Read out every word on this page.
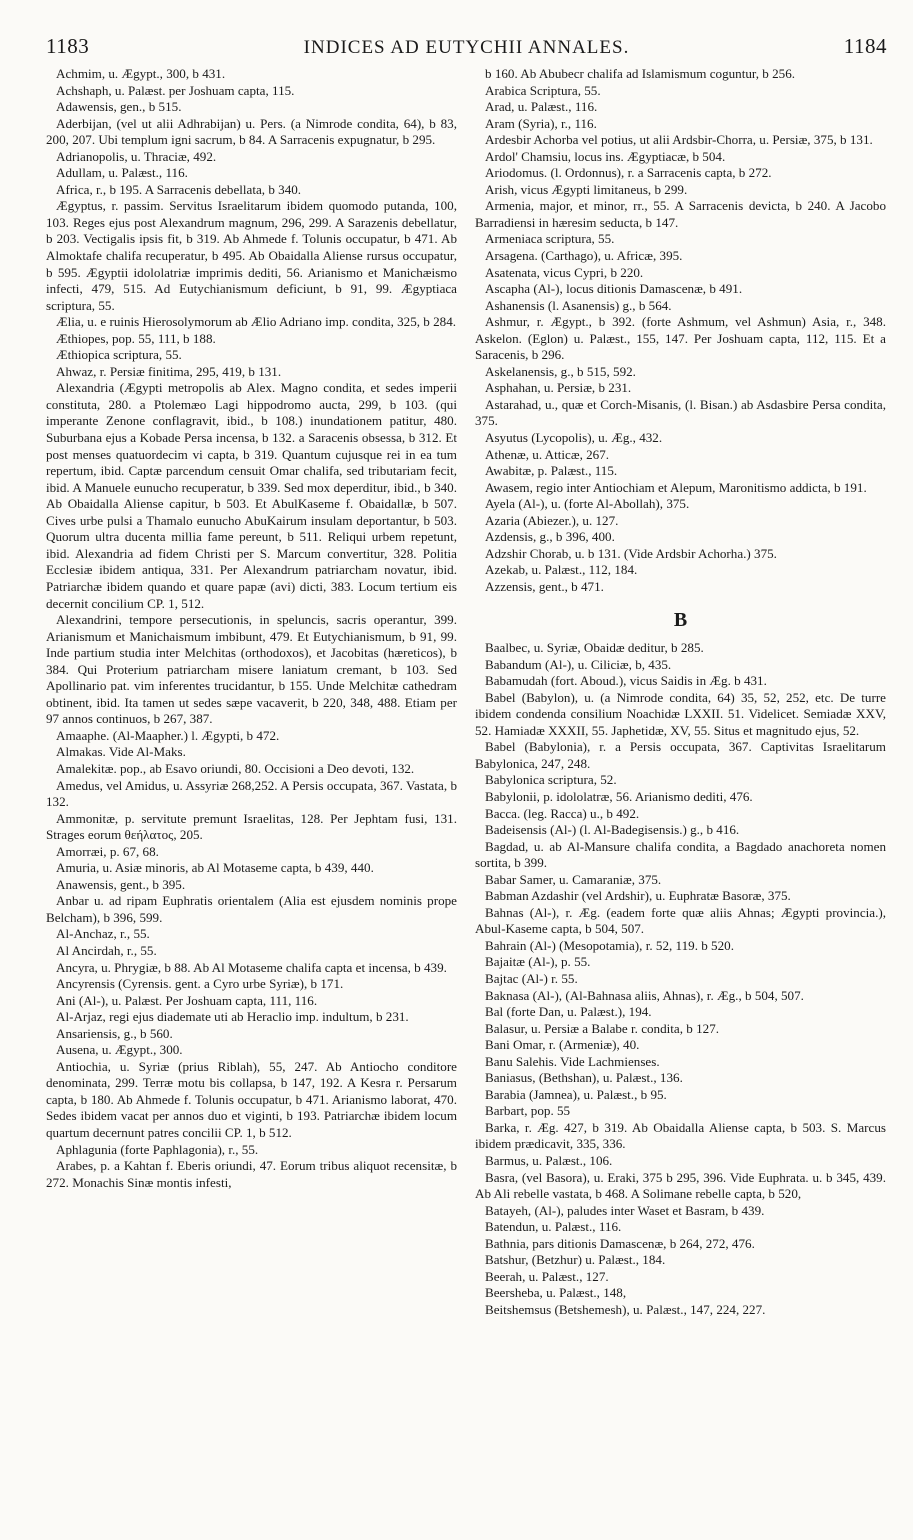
1183	INDICES AD EUTYCHII ANNALES.	1184

Achmim, u. Ægypt., 300, b 431.

Achshaph, u. Palæst. per Joshuam capta, 115.

Adawensis, gen., b 515.

Aderbijan, (vel ut alii Adhrabijan) u. Pers. (a Nimrode condita, 64), b 83, 200, 207. Ubi templum igni sacrum, b 84. A Sarracenis expugnatur, b 295.

Adrianopolis, u. Thraciæ, 492.

Adullam, u. Palæst., 116.

Africa, r., b 195. A Sarracenis debellata, b 340.

Ægyptus, r. passim. Servitus Israelitarum ibidem quomodo putanda, 100, 103. Reges ejus post Alexandrum magnum, 296, 299. A Sarazenis debellatur, b 203. Vectigalis ipsis fit, b 319. Ab Ahmede f. Tolunis occupatur, b 471. Ab Almoktafe chalifa recuperatur, b 495. Ab Obaidalla Aliense rursus occupatur, b 595. Ægyptii idololatriæ imprimis dediti, 56. Arianismo et Manichæismo infecti, 479, 515. Ad Eutychianismum deficiunt, b 91, 99. Ægyptiaca scriptura, 55.

Ælia, u. e ruinis Hierosolymorum ab Ælio Adriano imp. condita, 325, b 284.

Æthiopes, pop. 55, 111, b 188.

Æthiopica scriptura, 55.

Ahwaz, r. Persiæ finitima, 295, 419, b 131.

Alexandria (Ægypti metropolis ab Alex. Magno condita, et sedes imperii constituta, 280. a Ptolemæo Lagi hippodromo aucta, 299, b 103. (qui imperante Zenone conflagravit, ibid., b 108.) inundationem patitur, 480. Suburbana ejus a Kobade Persa incensa, b 132. a Saracenis obsessa, b 312. Et post menses quatuordecim vi capta, b 319. Quantum cujusque rei in ea tum repertum, ibid. Captæ parcendum censuit Omar chalifa, sed tributariam fecit, ibid. A Manuele eunucho recuperatur, b 339. Sed mox deperditur, ibid., b 340. Ab Obaidalla Aliense capitur, b 503. Et AbulKaseme f. Obaidallæ, b 507. Cives urbe pulsi a Thamalo eunucho AbuKairum insulam deportantur, b 503. Quorum ultra ducenta millia fame pereunt, b 511. Reliqui urbem repetunt, ibid. Alexandria ad fidem Christi per S. Marcum convertitur, 328. Politia Ecclesiæ ibidem antiqua, 331. Per Alexandrum patriarcham novatur, ibid. Patriarchæ ibidem quando et quare papæ (avi) dicti, 383. Locum tertium eis decernit concilium CP. 1, 512.

Alexandrini, tempore persecutionis, in speluncis, sacris operantur, 399. Arianismum et Manichaismum imbibunt, 479. Et Eutychianismum, b 91, 99. Inde partium studia inter Melchitas (orthodoxos), et Jacobitas (hæreticos), b 384. Qui Proterium patriarcham misere laniatum cremant, b 103. Sed Apollinario pat. vim inferentes trucidantur, b 155. Unde Melchitæ cathedram obtinent, ibid. Ita tamen ut sedes sæpe vacaverit, b 220, 348, 488. Etiam per 97 annos continuos, b 267, 387.

Amaaphe. (Al-Maapher.) l. Ægypti, b 472.

Almakas. Vide Al-Maks.

Amalekitæ. pop., ab Esavo oriundi, 80. Occisioni a Deo devoti, 132.

Amedus, vel Amidus, u. Assyriæ 268,252. A Persis occupata, 367. Vastata, b 132.

Ammonitæ, p. servitute premunt Israelitas, 128. Per Jephtam fusi, 131. Strages eorum θεήλατος, 205.

Amorræi, p. 67, 68.

Amuria, u. Asiæ minoris, ab Al Motaseme capta, b 439, 440.

Anawensis, gent., b 395.

Anbar u. ad ripam Euphratis orientalem (Alia est ejusdem nominis prope Belcham), b 396, 599.

Al-Anchaz, r., 55.

Al Ancirdah, r., 55.

Ancyra, u. Phrygiæ, b 88. Ab Al Motaseme chalifa capta et incensa, b 439.

Ancyrensis (Cyrensis. gent. a Cyro urbe Syriæ), b 171.

Ani (Al-), u. Palæst. Per Joshuam capta, 111, 116.

Al-Arjaz, regi ejus diademate uti ab Heraclio imp. indultum, b 231.

Ansariensis, g., b 560.

Ausena, u. Ægypt., 300.

Antiochia, u. Syriæ (prius Riblah), 55, 247. Ab Antiocho conditore denominata, 299. Terræ motu bis collapsa, b 147, 192. A Kesra r. Persarum capta, b 180. Ab Ahmede f. Tolunis occupatur, b 471. Arianismo laborat, 470. Sedes ibidem vacat per annos duo et viginti, b 193. Patriarchæ ibidem locum quartum decernunt patres concilii CP. 1, b 512.

Aphlagunia (forte Paphlagonia), r., 55.

Arabes, p. a Kahtan f. Eberis oriundi, 47. Eorum tribus aliquot recensitæ, b 272. Monachis Sinæ montis infesti,

b 160. Ab Abubecr chalifa ad Islamismum coguntur, b 256.

Arabica Scriptura, 55.

Arad, u. Palæst., 116.

Aram (Syria), r., 116.

Ardesbir Achorba vel potius, ut alii Ardsbir-Chorra, u. Persiæ, 375, b 131.

Ardol' Chamsiu, locus ins. Ægyptiacæ, b 504.

Ariodomus. (l. Ordonnus), r. a Sarracenis capta, b 272.

Arish, vicus Ægypti limitaneus, b 299.

Armenia, major, et minor, rr., 55. A Sarracenis devicta, b 240. A Jacobo Barradiensi in hæresim seducta, b 147.

Armeniaca scriptura, 55.

Arsagena. (Carthago), u. Africæ, 395.

Asatenata, vicus Cypri, b 220.

Ascapha (Al-), locus ditionis Damascenæ, b 491.

Ashanensis (l. Asanensis) g., b 564.

Ashmur, r. Ægypt., b 392. (forte Ashmum, vel Ashmun) Asia, r., 348. Askelon. (Eglon) u. Palæst., 155, 147. Per Joshuam capta, 112, 115. Et a Saracenis, b 296.

Askelanensis, g., b 515, 592.

Asphahan, u. Persiæ, b 231.

Astarahad, u., quæ et Corch-Misanis, (l. Bisan.) ab Asdasbire Persa condita, 375.

Asyutus (Lycopolis), u. Æg., 432.

Athenæ, u. Atticæ, 267.

Awabitæ, p. Palæst., 115.

Awasem, regio inter Antiochiam et Alepum, Maronitismo addicta, b 191.

Ayela (Al-), u. (forte Al-Abollah), 375.

Azaria (Abiezer.), u. 127.

Azdensis, g., b 396, 400.

Adzshir Chorab, u. b 131. (Vide Ardsbir Achorha.) 375.

Azekab, u. Palæst., 112, 184.

Azzensis, gent., b 471.

B

Baalbec, u. Syriæ, Obaidæ deditur, b 285.

Babandum (Al-), u. Ciliciæ, b, 435.

Babamudah (fort. Aboud.), vicus Saidis in Æg. b 431.

Babel (Babylon), u. (a Nimrode condita, 64) 35, 52, 252, etc. De turre ibidem condenda consilium Noachidæ LXXII. 51. Videlicet. Semiadæ XXV, 52. Hamiadæ XXXII, 55. Japhetidæ, XV, 55. Situs et magnitudo ejus, 52.

Babel (Babylonia), r. a Persis occupata, 367. Captivitas Israelitarum Babylonica, 247, 248.

Babylonica scriptura, 52.

Babylonii, p. idololatræ, 56. Arianismo dediti, 476.

Bacca. (leg. Racca) u., b 492.

Badeisensis (Al-) (l. Al-Badegisensis.) g., b 416.

Bagdad, u. ab Al-Mansure chalifa condita, a Bagdado anachoreta nomen sortita, b 399.

Babar Samer, u. Camaraniæ, 375.

Babman Azdashir (vel Ardshir), u. Euphratæ Basoræ, 375.

Bahnas (Al-), r. Æg. (eadem forte quæ aliis Ahnas; Ægypti provincia.), Abul-Kaseme capta, b 504, 507.

Bahrain (Al-) (Mesopotamia), r. 52, 119. b 520.

Bajaitæ (Al-), p. 55.

Bajtac (Al-) r. 55.

Baknasa (Al-), (Al-Bahnasa aliis, Ahnas), r. Æg., b 504, 507.

Bal (forte Dan, u. Palæst.), 194.

Balasur, u. Persiæ a Balabe r. condita, b 127.

Bani Omar, r. (Armeniæ), 40.

Banu Salehis. Vide Lachmienses.

Baniasus, (Bethshan), u. Palæst., 136.

Barabia (Jamnea), u. Palæst., b 95.

Barbart, pop. 55

Barka, r. Æg. 427, b 319. Ab Obaidalla Aliense capta, b 503. S. Marcus ibidem prædicavit, 335, 336.

Barmus, u. Palæst., 106.

Basra, (vel Basora), u. Eraki, 375 b 295, 396. Vide Euphrata. u. b 345, 439. Ab Ali rebelle vastata, b 468. A Solimane rebelle capta, b 520,

Batayeh, (Al-), paludes inter Waset et Basram, b 439.

Batendun, u. Palæst., 116.

Bathnia, pars ditionis Damascenæ, b 264, 272, 476.

Batshur, (Betzhur) u. Palæst., 184.

Beerah, u. Palæst., 127.

Beersheba, u. Palæst., 148,

Beitshemsus (Betshemesh), u. Palæst., 147, 224, 227.
